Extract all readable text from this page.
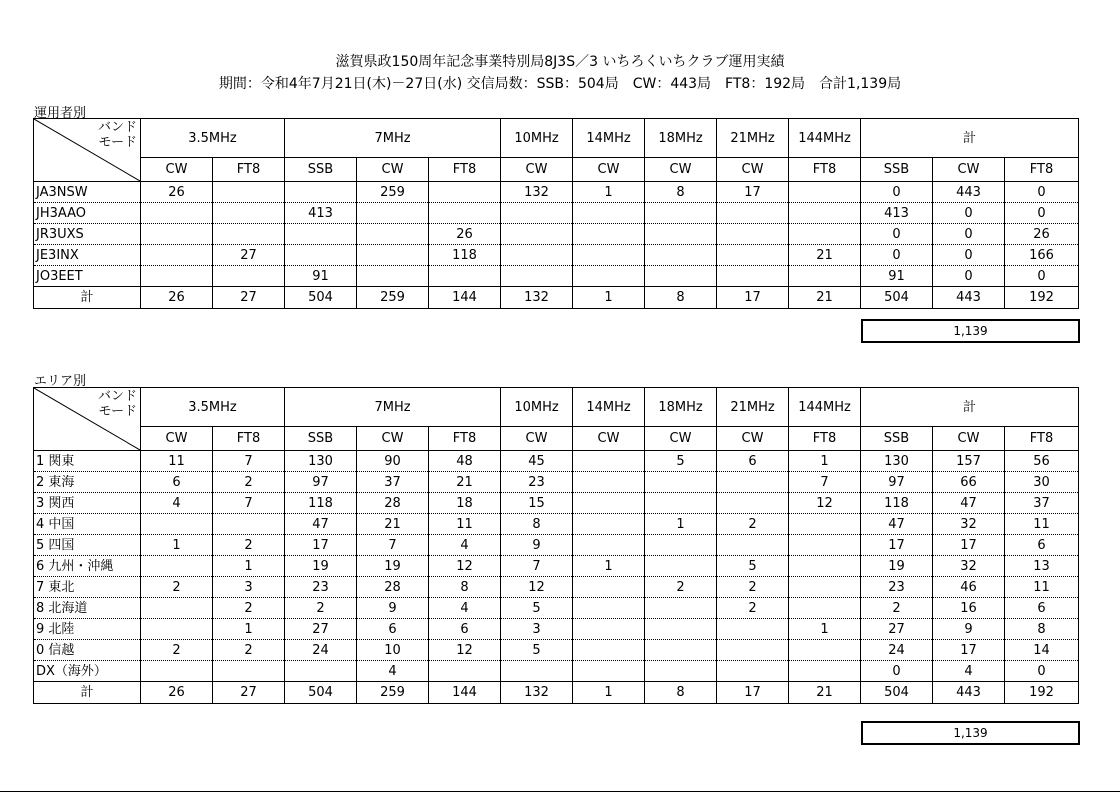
滋賀県政150周年記念事業特別局8J3S／3 いちろくいちクラブ運用実績
期間：令和4年7月21日(木)－27日(水) 交信局数：SSB：504局　CW：443局　FT8：192局　合計1,139局
運用者別
バンド
モード	3.5MHz		7MHz			10MHz	14MHz	18MHz	21MHz	144MHz	計		
	CW	FT8	SSB	CW	FT8	CW	CW	CW	CW	FT8	SSB	CW	FT8
JA3NSW	26			259		132	1	8	17		0	443	0
JH3AAO			413								413	0	0
JR3UXS					26						0	0	26
JE3INX		27			118					21	0	0	166
JO3EET			91								91	0	0
計	26	27	504	259	144	132	1	8	17	21	504	443	192
1,139
エリア別
バンド
モード	3.5MHz		7MHz			10MHz	14MHz	18MHz	21MHz	144MHz	計		
	CW	FT8	SSB	CW	FT8	CW	CW	CW	CW	FT8	SSB	CW	FT8
1 関東	11	7	130	90	48	45		5	6	1	130	157	56
2 東海	6	2	97	37	21	23				7	97	66	30
3 関西	4	7	118	28	18	15				12	118	47	37
4 中国			47	21	11	8		1	2		47	32	11
5 四国	1	2	17	7	4	9					17	17	6
6 九州・沖縄		1	19	19	12	7	1		5		19	32	13
7 東北	2	3	23	28	8	12		2	2		23	46	11
8 北海道		2	2	9	4	5			2		2	16	6
9 北陸		1	27	6	6	3				1	27	9	8
0 信越	2	2	24	10	12	5					24	17	14
DX（海外）				4							0	4	0
計	26	27	504	259	144	132	1	8	17	21	504	443	192
1,139
